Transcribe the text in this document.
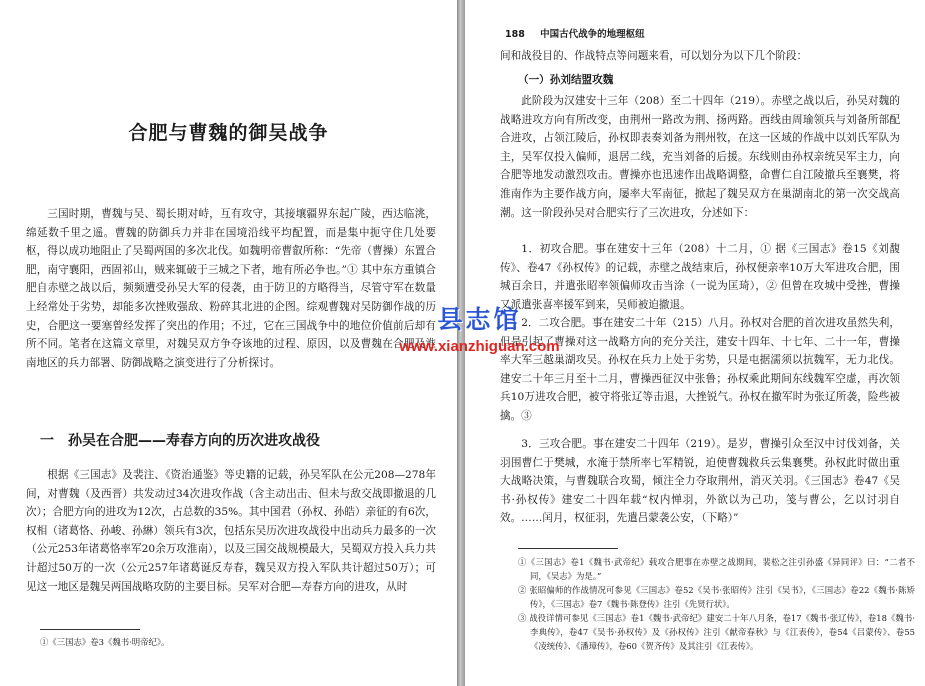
合肥与曹魏的御吴战争

三国时期，曹魏与吴、蜀长期对峙，互有攻守，其接壤疆界东起广陵，西达临洮，绵延数千里之遥。曹魏的防御兵力并非在国境沿线平均配置，而是集中扼守住几处要枢，得以成功地阻止了吴蜀两国的多次北伐。如魏明帝曹叡所称：“先帝（曹操）东置合肥，南守襄阳，西固祁山，贼来辄破于三城之下者，地有所必争也。”① 其中东方重镇合肥自赤壁之战以后，频频遭受孙吴大军的侵袭，由于防卫的方略得当，尽管守军在数量上经常处于劣势，却能多次挫败强敌、粉碎其北进的企图。综观曹魏对吴防御作战的历史，合肥这一要塞曾经发挥了突出的作用；不过，它在三国战争中的地位价值前后却有所不同。笔者在这篇文章里，对魏吴双方争夺该地的过程、原因，以及曹魏在合肥及淮南地区的兵力部署、防御战略之演变进行了分析探讨。

一　孙吴在合肥——寿春方向的历次进攻战役

根据《三国志》及裴注、《资治通鉴》等史籍的记载，孙吴军队在公元208—278年间，对曹魏（及西晋）共发动过34次进攻作战（含主动出击、但未与敌交战即撤退的几次）；合肥方向的进攻为12次，占总数的35%。其中国君（孙权、孙皓）亲征的有6次，权相（诸葛恪、孙峻、孙綝）领兵有3次，包括东吴历次进攻战役中出动兵力最多的一次（公元253年诸葛恪率军20余万攻淮南），以及三国交战规模最大，吴蜀双方投入兵力共计超过50万的一次（公元257年诸葛诞反寿春，魏吴双方投入军队共计超过50万）；可见这一地区是魏吴两国战略攻防的主要目标。吴军对合肥—寿春方向的进攻，从时

①《三国志》卷3《魏书·明帝纪》。

188 中国古代战争的地理枢纽

间和战役目的、作战特点等问题来看，可以划分为以下几个阶段：

（一）孙刘结盟攻魏

此阶段为汉建安十三年（208）至二十四年（219）。赤壁之战以后，孙吴对魏的战略进攻方向有所改变，由荆州一路改为荆、扬两路。西线由周瑜领兵与刘备所部配合进攻，占领江陵后，孙权即表奏刘备为荆州牧，在这一区域的作战中以刘氏军队为主，吴军仅投入偏师，退居二线，充当刘备的后援。东线则由孙权亲统吴军主力，向合肥等地发动激烈攻击。曹操亦也迅速作出战略调整，命曹仁自江陵撤兵至襄樊，将淮南作为主要作战方向，屡率大军南征，掀起了魏吴双方在巢湖南北的第一次交战高潮。这一阶段孙吴对合肥实行了三次进攻，分述如下：

1．初攻合肥。事在建安十三年（208）十二月，① 据《三国志》卷15《刘馥传》、卷47《孙权传》的记载，赤壁之战结束后，孙权便亲率10万大军进攻合肥，围城百余日，并遣张昭率领偏师攻击当涂（一说为匡琦），② 但曾在攻城中受挫，曹操又派遣张喜率援军到来，吴师被迫撤退。

2．二攻合肥。事在建安二十年（215）八月。孙权对合肥的首次进攻虽然失利，但是引起了曹操对这一战略方向的充分关注，建安十四年、十七年、二十一年，曹操率大军三越巢湖攻吴。孙权在兵力上处于劣势，只是屯据濡须以抗魏军，无力北伐。建安二十年三月至十二月，曹操西征汉中张鲁；孙权乘此期间东线魏军空虚，再次领兵10万进攻合肥，被守将张辽等击退，大挫锐气。孙权在撤军时为张辽所袭，险些被擒。③

3．三攻合肥。事在建安二十四年（219）。是岁，曹操引众至汉中讨伐刘备，关羽围曹仁于樊城，水淹于禁所率七军精锐，迫使曹魏救兵云集襄樊。孙权此时做出重大战略决策，与曹魏联合攻蜀，倾注全力夺取荆州，消灭关羽。《三国志》卷47《吴书·孙权传》建安二十四年载“权内惮羽，外欲以为己功，笺与曹公，乞以讨羽自效。……闰月，权征羽，先遣吕蒙袭公安，（下略）”

①《三国志》卷1《魏书·武帝纪》载攻合肥事在赤壁之战期间，裴松之注引孙盛《异同评》曰：“二者不同，《吴志》为是。”

② 张昭偏师的作战情况可参见《三国志》卷52《吴书·张昭传》注引《吴书》，《三国志》卷22《魏书·陈矫传》，《三国志》卷7《魏书·陈登传》注引《先贤行状》。

③ 战役详情可参见《三国志》卷1《魏书·武帝纪》建安二十年八月条，卷17《魏书·张辽传》，卷18《魏书·李典传》，卷47《吴书·孙权传》及《孙权传》注引《献帝春秋》与《江表传》，卷54《吕蒙传》、卷55《凌统传》、《潘璋传》，卷60《贺齐传》及其注引《江表传》。

县志馆
www.xianzhiguan.com
